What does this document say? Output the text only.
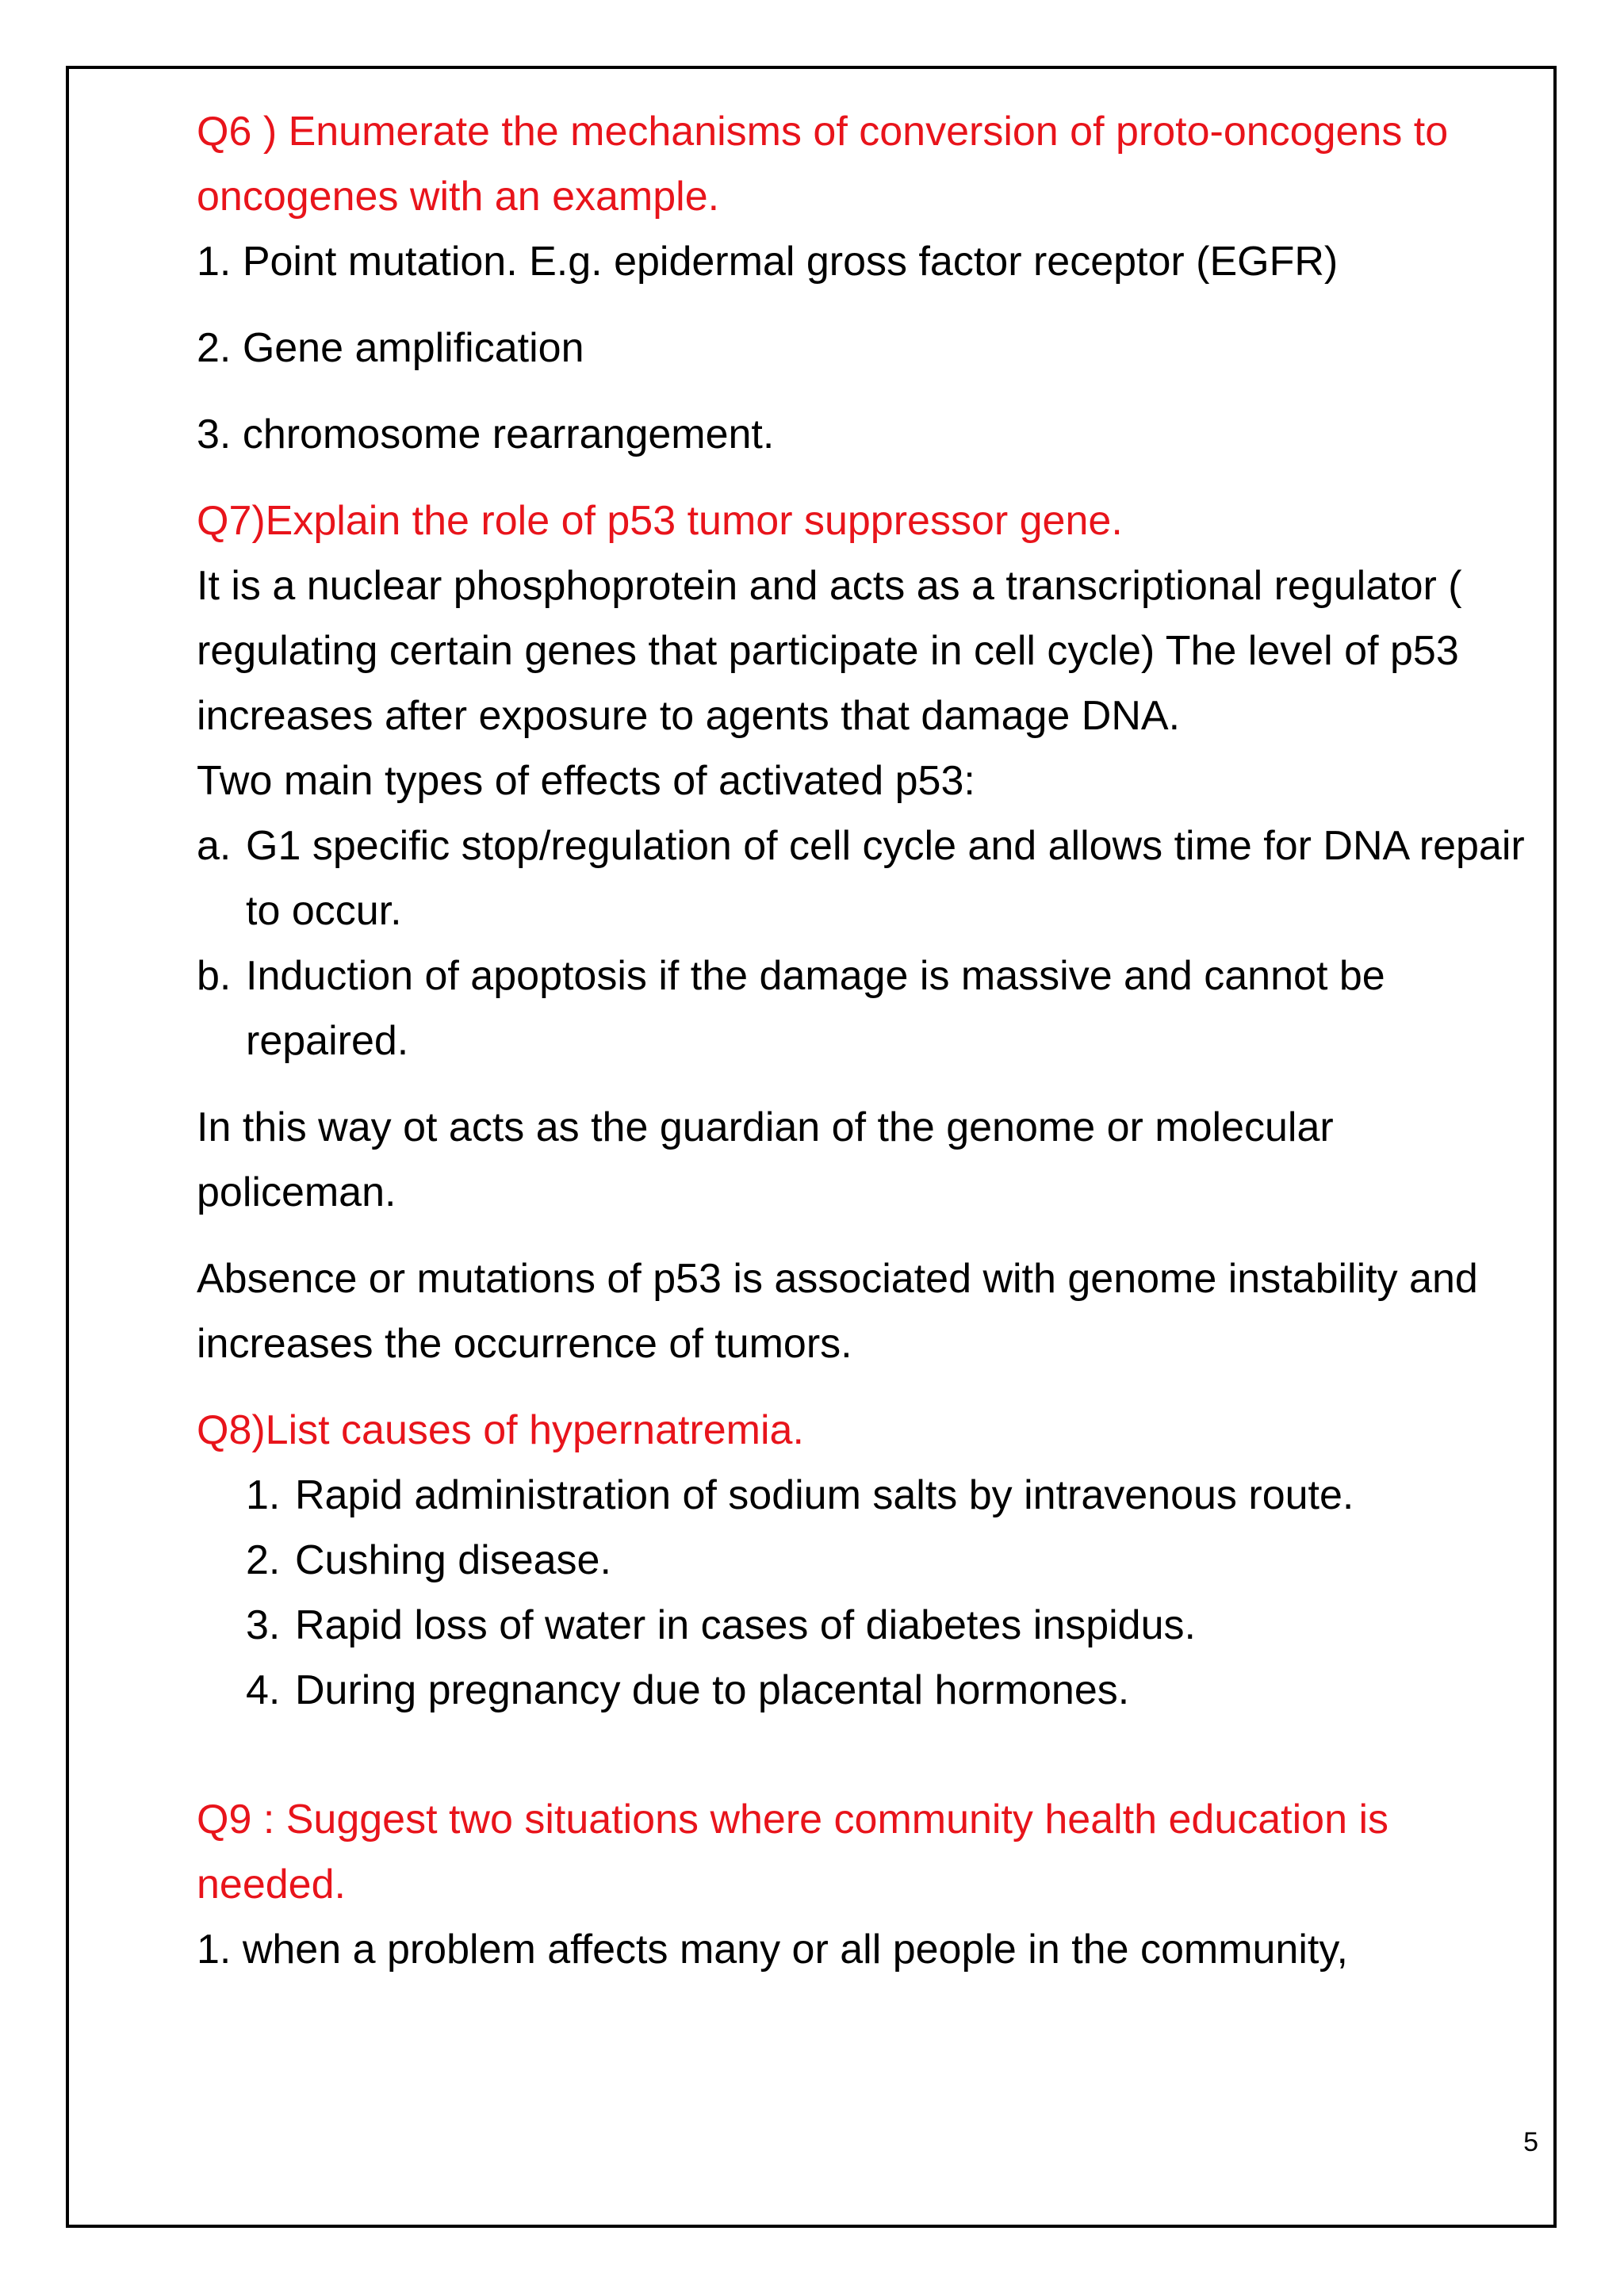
Q6 ) Enumerate the mechanisms of conversion of proto-oncogens to oncogenes with an example.

1. Point mutation. E.g. epidermal gross factor receptor (EGFR)

2. Gene amplification

3. chromosome rearrangement.

Q7)Explain the role of p53 tumor suppressor gene.

It is a nuclear phosphoprotein and acts as a transcriptional regulator ( regulating certain genes that participate in cell cycle) The level of p53 increases after exposure to agents that damage DNA.

Two main types of effects of activated p53:

a. G1 specific stop/regulation of cell cycle and allows time for DNA repair to occur.
b. Induction of apoptosis if the damage is massive and cannot be repaired.

In this way ot acts as the guardian of the genome or molecular policeman.

Absence or mutations of p53 is associated with genome instability and increases the occurrence of tumors.

Q8)List causes of hypernatremia.

1. Rapid administration of sodium salts by intravenous route.
2. Cushing disease.
3. Rapid loss of water in cases of diabetes inspidus.
4. During pregnancy due to placental hormones.

Q9 : Suggest two situations where community health education is needed.

1. when a problem affects many or all people in the community,

5
